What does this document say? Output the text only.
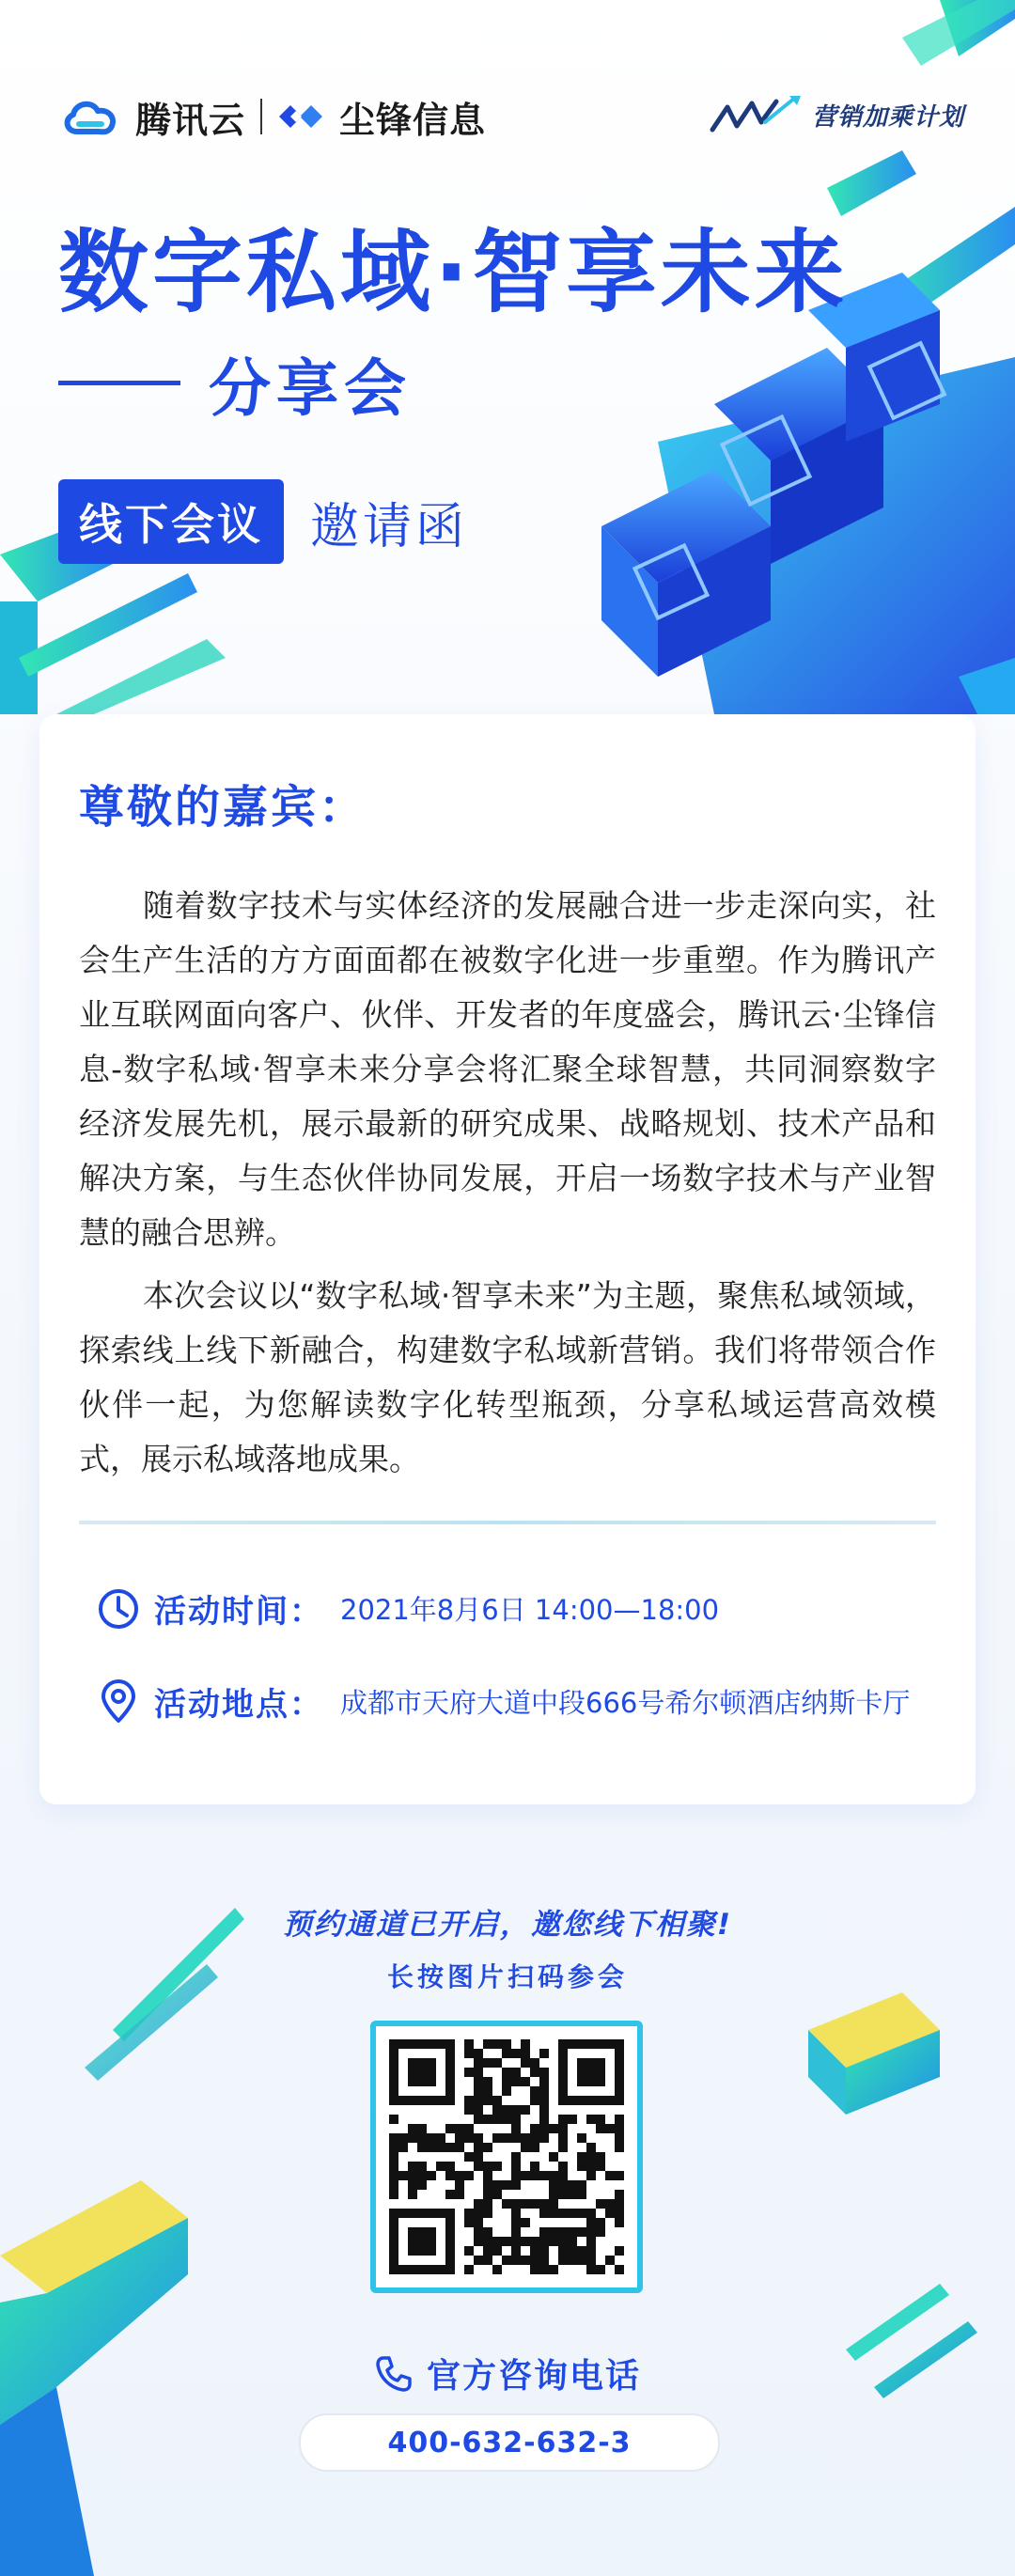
腾讯云	尘锋信息	营销加乘计划
数字私域·智享未来
分享会
线下会议 邀请函
尊敬的嘉宾：
随着数字技术与实体经济的发展融合进一步走深向实，社会生产生活的方方面面都在被数字化进一步重塑。作为腾讯产业互联网面向客户、伙伴、开发者的年度盛会，腾讯云·尘锋信息-数字私域·智享未来分享会将汇聚全球智慧，共同洞察数字经济发展先机，展示最新的研究成果、战略规划、技术产品和解决方案，与生态伙伴协同发展，开启一场数字技术与产业智慧的融合思辨。
本次会议以“数字私域·智享未来”为主题，聚焦私域领域，探索线上线下新融合，构建数字私域新营销。我们将带领合作伙伴一起，为您解读数字化转型瓶颈，分享私域运营高效模式，展示私域落地成果。
活动时间： 2021年8月6日 14:00—18:00
活动地点： 成都市天府大道中段666号希尔顿酒店纳斯卡厅
预约通道已开启，邀您线下相聚!
长按图片扫码参会
官方咨询电话
400-632-632-3
